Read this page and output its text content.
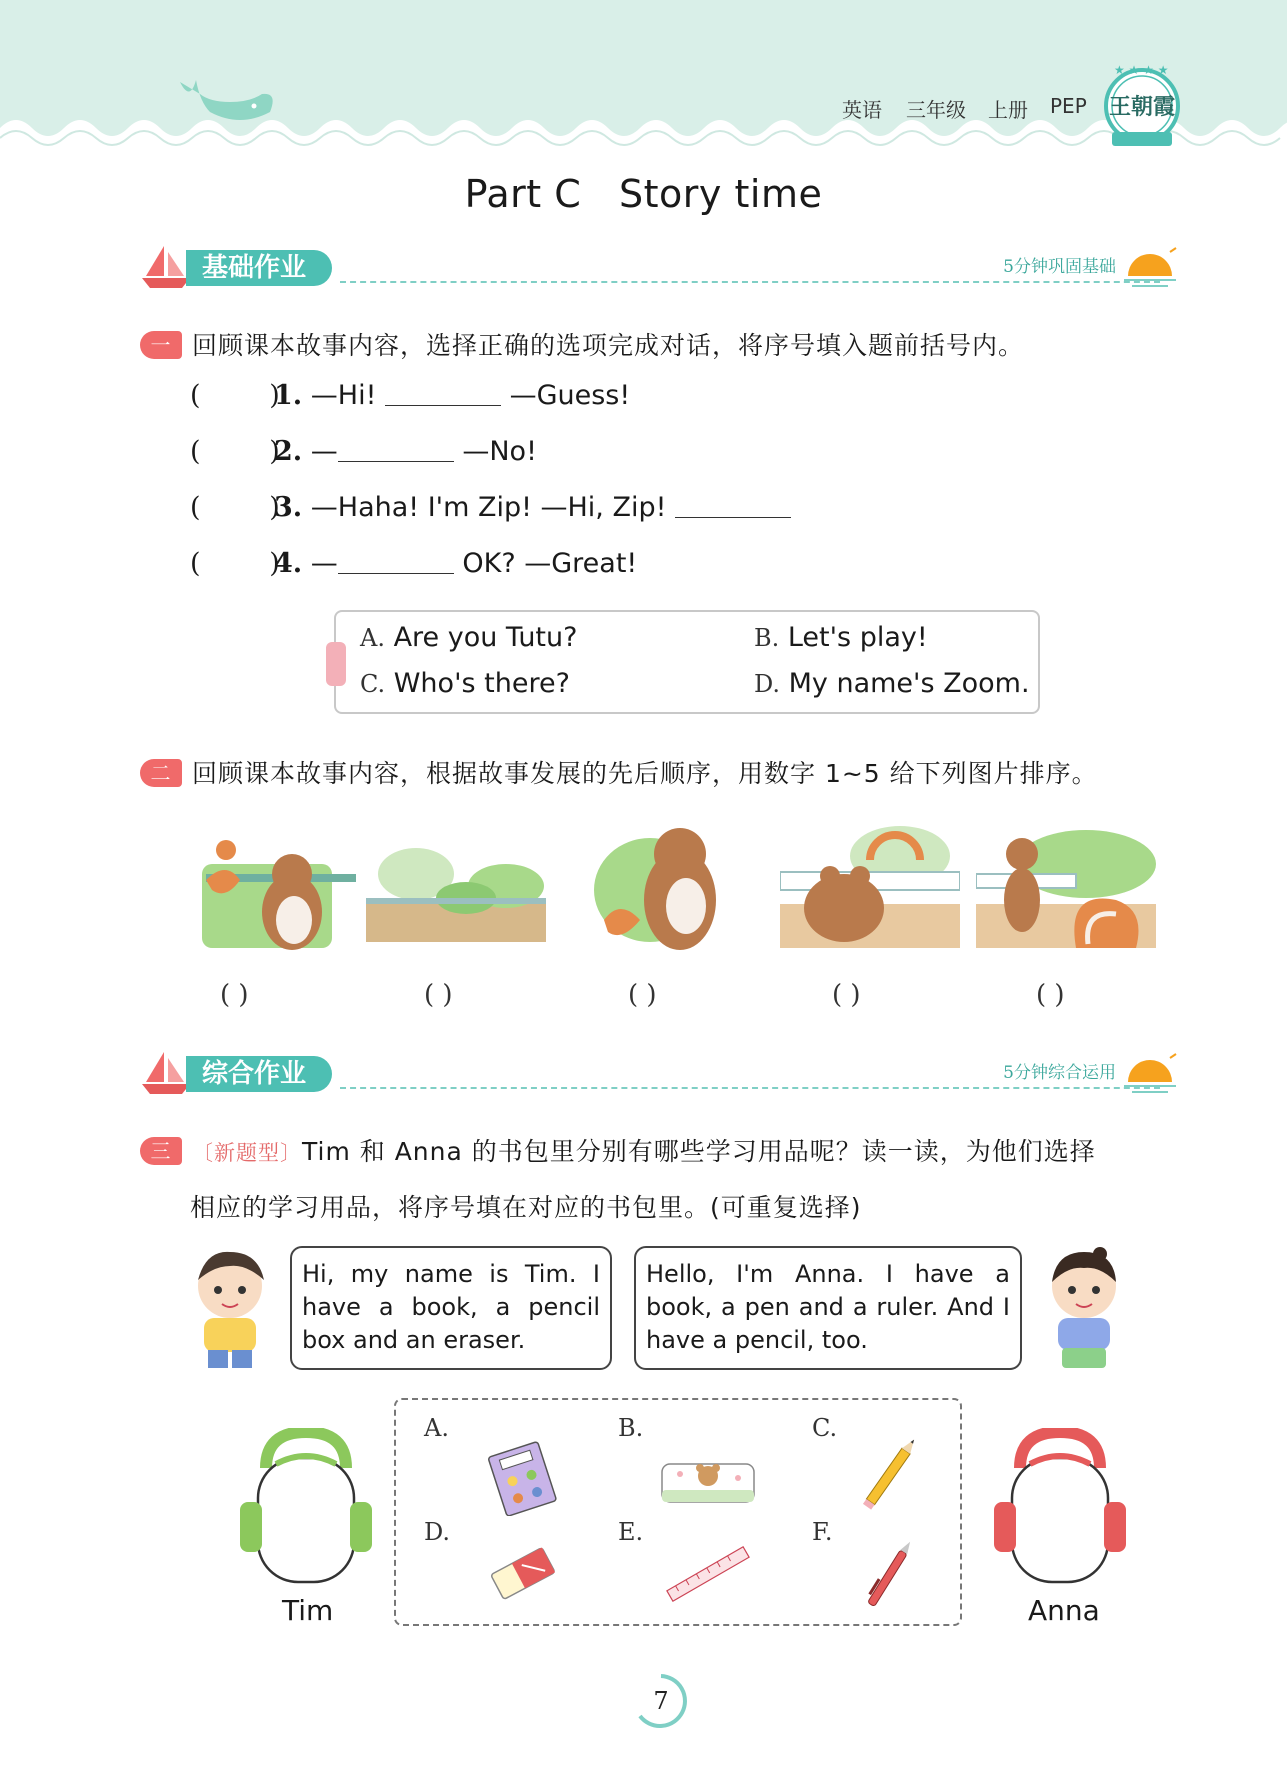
英语 三年级 上册 PEP
★ ★ ★ ★
王朝霞
Part C   Story time
基础作业	5分钟巩固基础
一 回顾课本故事内容，选择正确的选项完成对话，将序号填入题前括号内。
(        )1. —Hi!	—Guess!
(        )2. —	—No!
(        )3. —Haha! I'm Zip! —Hi, Zip!
(        )4. —	OK? —Great!
A. Are you Tutu?	B. Let's play!
C. Who's there?	D. My name's Zoom.
二 回顾课本故事内容，根据故事发展的先后顺序，用数字 1~5 给下列图片排序。
( )	( )	( )	( )	( )
综合作业	5分钟综合运用
三 〔新题型〕Tim 和 Anna 的书包里分别有哪些学习用品呢？读一读，为他们选择
相应的学习用品，将序号填在对应的书包里。(可重复选择)
Hi, my name is Tim. I have a book, a pencil box and an eraser.
Hello, I'm Anna. I have a book, a pen and a ruler. And I have a pencil, too.
Tim	Anna
A.	B.	C.
D.	E.	F.
7
